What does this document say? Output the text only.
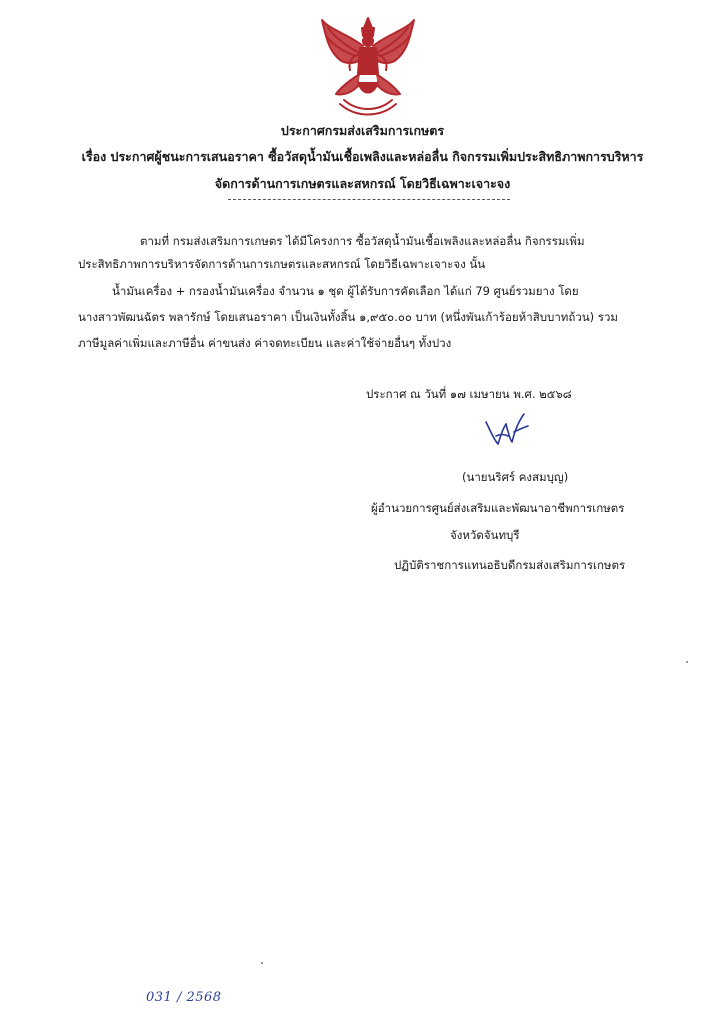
ประกาศกรมส่งเสริมการเกษตร
เรื่อง ประกาศผู้ชนะการเสนอราคา ซื้อวัสดุน้ำมันเชื้อเพลิงและหล่อลื่น กิจกรรมเพิ่มประสิทธิภาพการบริหาร
จัดการด้านการเกษตรและสหกรณ์ โดยวิธีเฉพาะเจาะจง
ตามที่ กรมส่งเสริมการเกษตร ได้มีโครงการ ซื้อวัสดุน้ำมันเชื้อเพลิงและหล่อลื่น กิจกรรมเพิ่ม
ประสิทธิภาพการบริหารจัดการด้านการเกษตรและสหกรณ์ โดยวิธีเฉพาะเจาะจง นั้น
น้ำมันเครื่อง + กรองน้ำมันเครื่อง จำนวน ๑ ชุด ผู้ได้รับการคัดเลือก ได้แก่ 79 ศูนย์รวมยาง โดย
นางสาวพัฒนฉัตร พลารักษ์ โดยเสนอราคา เป็นเงินทั้งสิ้น ๑,๙๕๐.๐๐ บาท (หนึ่งพันเก้าร้อยห้าสิบบาทถ้วน) รวม
ภาษีมูลค่าเพิ่มและภาษีอื่น ค่าขนส่ง ค่าจดทะเบียน และค่าใช้จ่ายอื่นๆ ทั้งปวง
ประกาศ ณ วันที่ ๑๗ เมษายน พ.ศ. ๒๕๖๘
(นายนริศร์ คงสมบุญ)
ผู้อำนวยการศูนย์ส่งเสริมและพัฒนาอาชีพการเกษตร
จังหวัดจันทบุรี
ปฏิบัติราชการแทนอธิบดีกรมส่งเสริมการเกษตร
031 / 2568
